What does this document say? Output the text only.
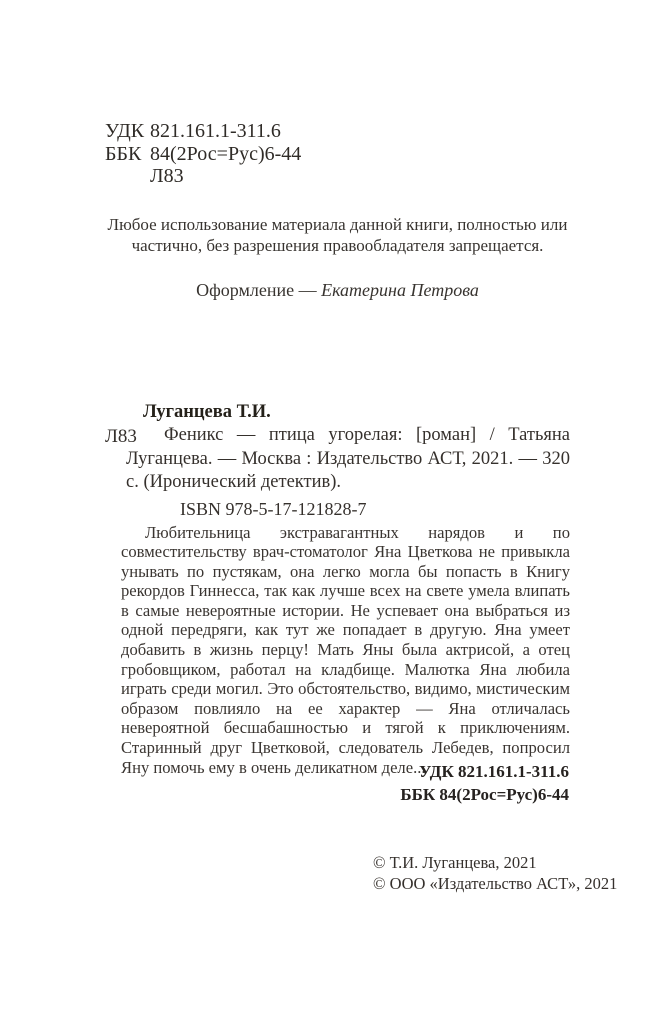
УДК 821.161.1-311.6
ББК 84(2Рос=Рус)6-44
Л83
Любое использование материала данной книги, полностью или частично, без разрешения правообладателя запрещается.
Оформление — Екатерина Петрова

Луганцева Т.И.

Л83	Феникс — птица угорелая: [роман] / Татьяна Луганцева. — Москва : Издательство АСТ, 2021. — 320 с. (Иронический детектив).

ISBN 978-5-17-121828-7

Любительница экстравагантных нарядов и по совместительству врач-стоматолог Яна Цветкова не привыкла унывать по пустякам, она легко могла бы попасть в Книгу рекордов Гиннесса, так как лучше всех на свете умела влипать в самые невероятные истории. Не успевает она выбраться из одной передряги, как тут же попадает в другую. Яна умеет добавить в жизнь перцу! Мать Яны была актрисой, а отец гробовщиком, работал на кладбище. Малютка Яна любила играть среди могил. Это обстоятельство, видимо, мистическим образом повлияло на ее характер — Яна отличалась невероятной бесшабашностью и тягой к приключениям. Старинный друг Цветковой, следователь Лебедев, попросил Яну помочь ему в очень деликатном деле...

УДК 821.161.1-311.6
ББК 84(2Рос=Рус)6-44
© Т.И. Луганцева, 2021
© ООО «Издательство АСТ», 2021
